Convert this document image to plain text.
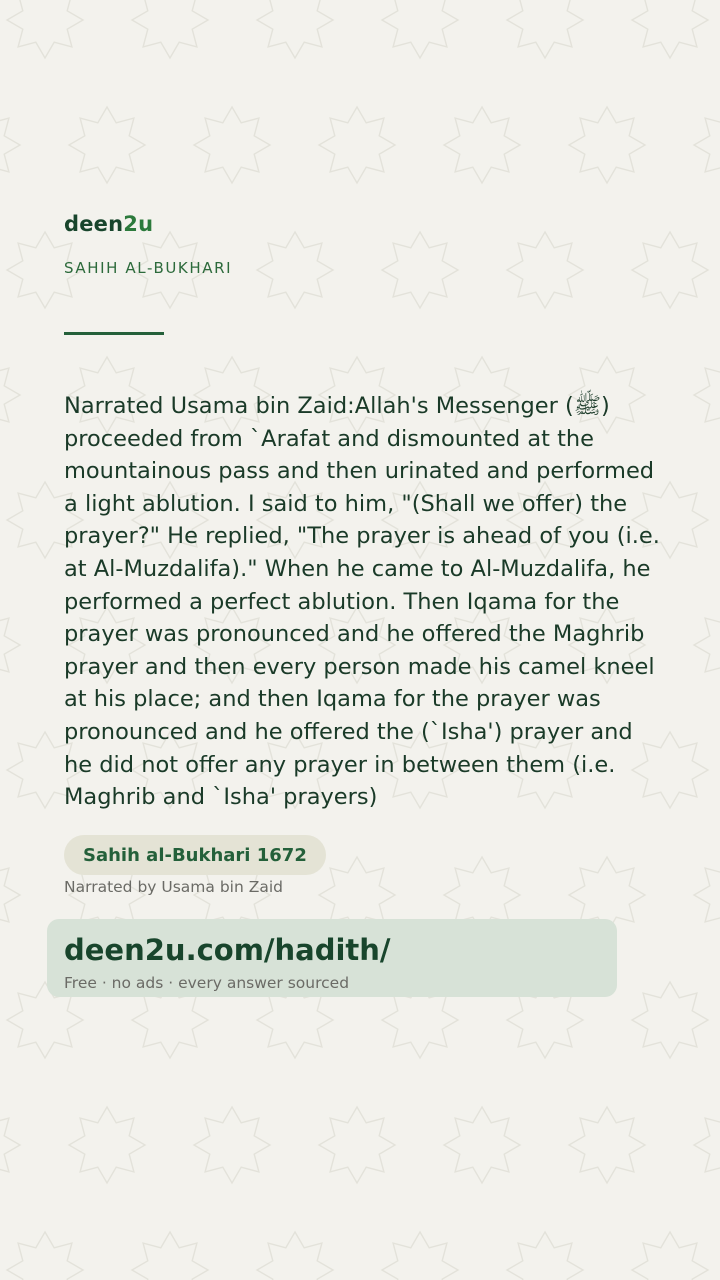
deen2u
SAHIH AL-BUKHARI

Narrated Usama bin Zaid:Allah's Messenger (ﷺ) proceeded from `Arafat and dismounted at the mountainous pass and then urinated and performed a light ablution. I said to him, "(Shall we offer) the prayer?" He replied, "The prayer is ahead of you (i.e. at Al-Muzdalifa)." When he came to Al-Muzdalifa, he performed a perfect ablution. Then Iqama for the prayer was pronounced and he offered the Maghrib prayer and then every person made his camel kneel at his place; and then Iqama for the prayer was pronounced and he offered the (`Isha') prayer and he did not offer any prayer in between them (i.e. Maghrib and `Isha' prayers)

Sahih al-Bukhari 1672
Narrated by Usama bin Zaid
deen2u.com/hadith/
Free · no ads · every answer sourced
